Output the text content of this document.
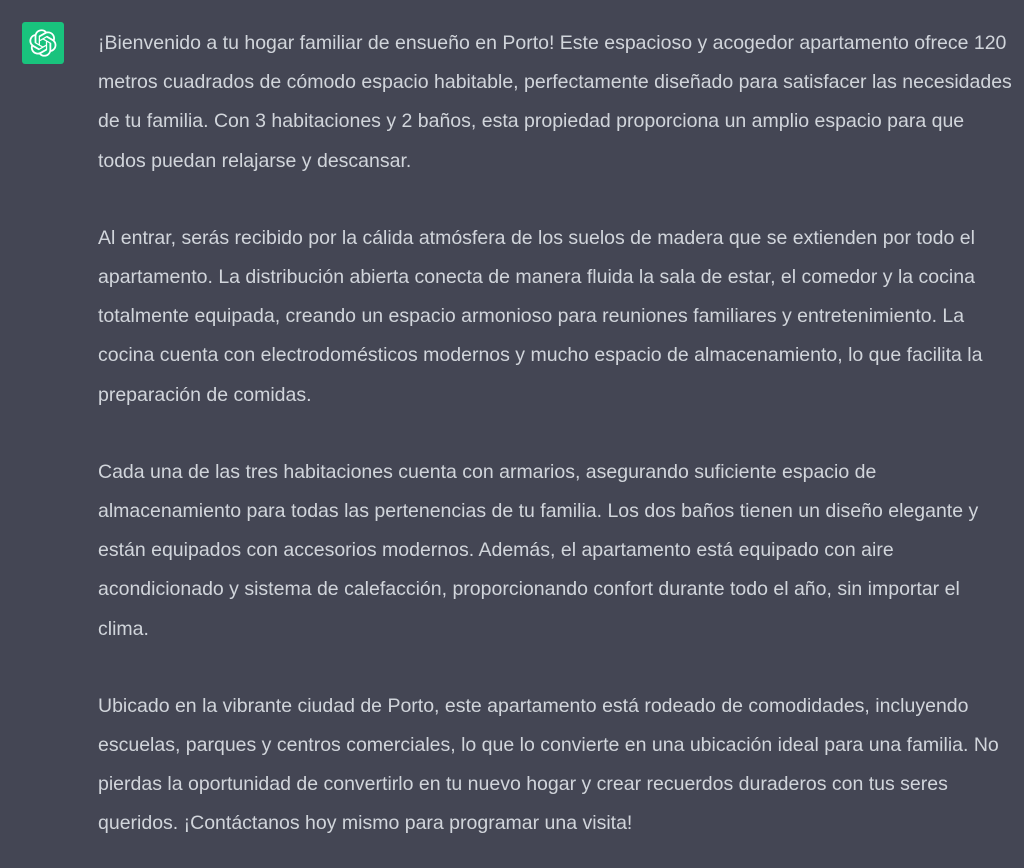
¡Bienvenido a tu hogar familiar de ensueño en Porto! Este espacioso y acogedor apartamento ofrece 120 metros cuadrados de cómodo espacio habitable, perfectamente diseñado para satisfacer las necesidades de tu familia. Con 3 habitaciones y 2 baños, esta propiedad proporciona un amplio espacio para que todos puedan relajarse y descansar.

Al entrar, serás recibido por la cálida atmósfera de los suelos de madera que se extienden por todo el apartamento. La distribución abierta conecta de manera fluida la sala de estar, el comedor y la cocina totalmente equipada, creando un espacio armonioso para reuniones familiares y entretenimiento. La cocina cuenta con electrodomésticos modernos y mucho espacio de almacenamiento, lo que facilita la preparación de comidas.

Cada una de las tres habitaciones cuenta con armarios, asegurando suficiente espacio de almacenamiento para todas las pertenencias de tu familia. Los dos baños tienen un diseño elegante y están equipados con accesorios modernos. Además, el apartamento está equipado con aire acondicionado y sistema de calefacción, proporcionando confort durante todo el año, sin importar el clima.

Ubicado en la vibrante ciudad de Porto, este apartamento está rodeado de comodidades, incluyendo escuelas, parques y centros comerciales, lo que lo convierte en una ubicación ideal para una familia. No pierdas la oportunidad de convertirlo en tu nuevo hogar y crear recuerdos duraderos con tus seres queridos. ¡Contáctanos hoy mismo para programar una visita!
